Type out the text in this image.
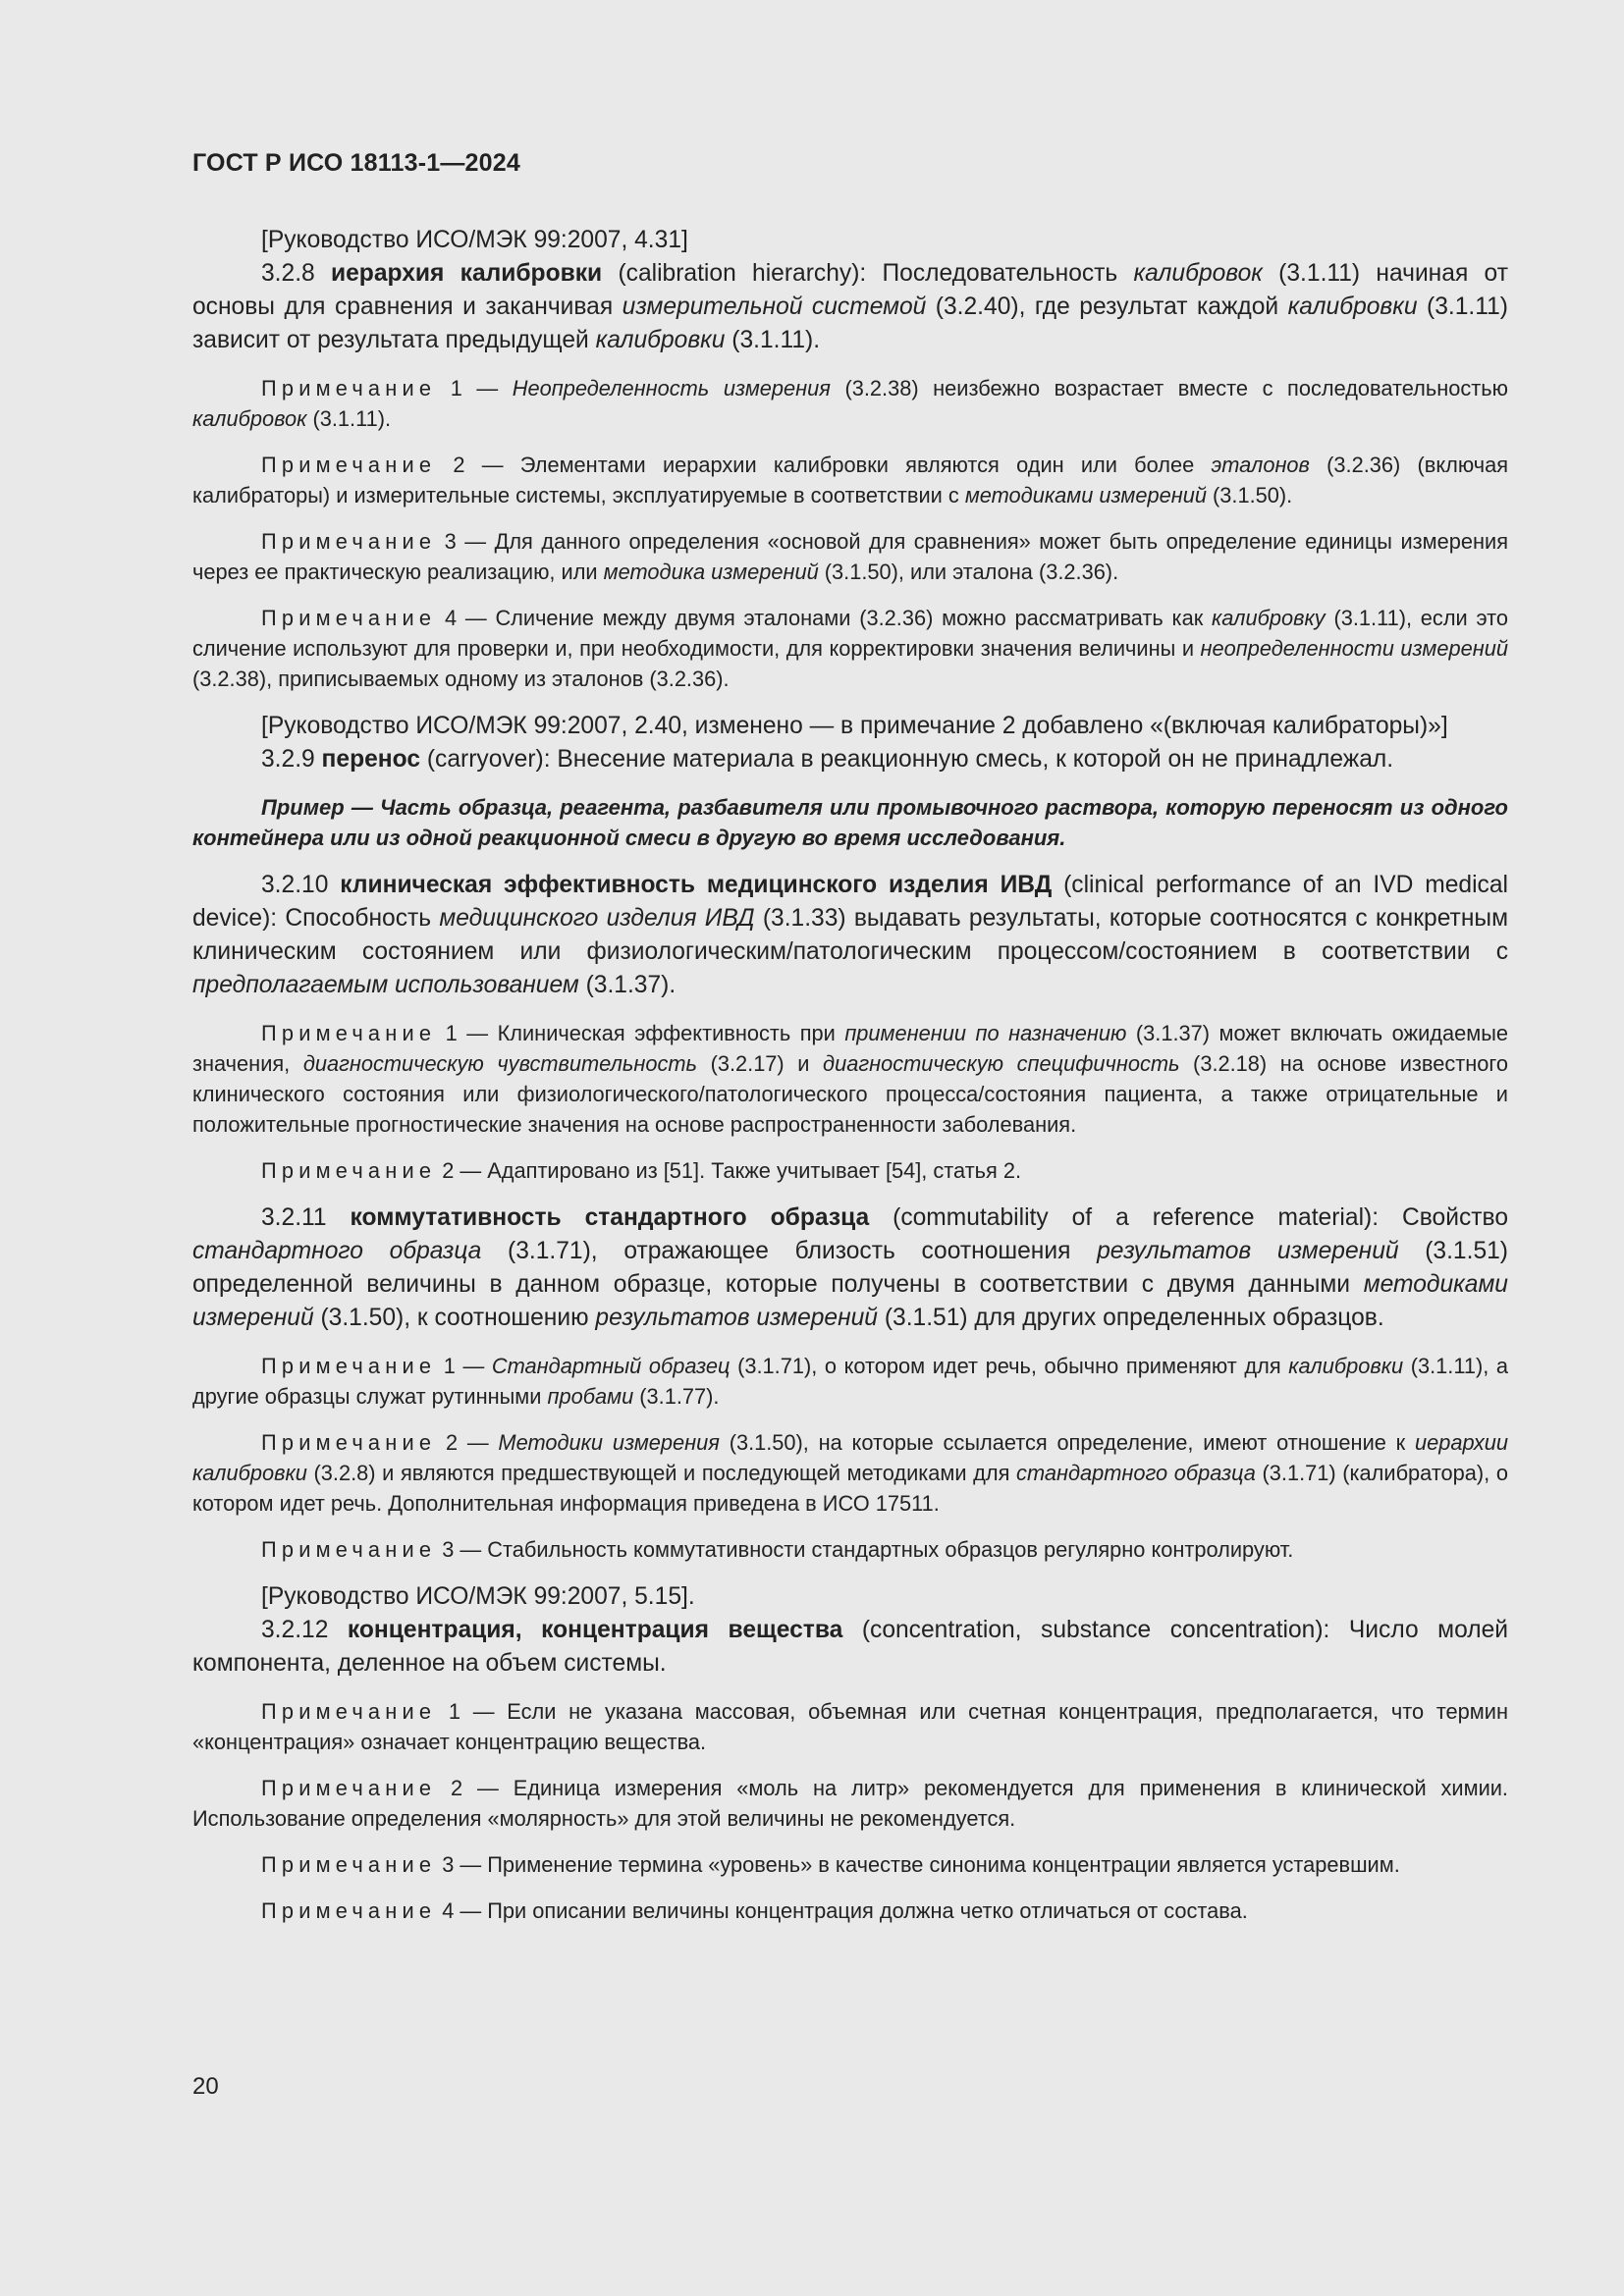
ГОСТ Р ИСО 18113-1—2024

[Руководство ИСО/МЭК 99:2007, 4.31]

3.2.8 иерархия калибровки (calibration hierarchy): Последовательность калибровок (3.1.11) начиная от основы для сравнения и заканчивая измерительной системой (3.2.40), где результат каждой калибровки (3.1.11) зависит от результата предыдущей калибровки (3.1.11).

Примечание 1 — Неопределенность измерения (3.2.38) неизбежно возрастает вместе с последовательностью калибровок (3.1.11).

Примечание 2 — Элементами иерархии калибровки являются один или более эталонов (3.2.36) (включая калибраторы) и измерительные системы, эксплуатируемые в соответствии с методиками измерений (3.1.50).

Примечание 3 — Для данного определения «основой для сравнения» может быть определение единицы измерения через ее практическую реализацию, или методика измерений (3.1.50), или эталона (3.2.36).

Примечание 4 — Сличение между двумя эталонами (3.2.36) можно рассматривать как калибровку (3.1.11), если это сличение используют для проверки и, при необходимости, для корректировки значения величины и неопределенности измерений (3.2.38), приписываемых одному из эталонов (3.2.36).

[Руководство ИСО/МЭК 99:2007, 2.40, изменено — в примечание 2 добавлено «(включая калибраторы)»]

3.2.9 перенос (carryover): Внесение материала в реакционную смесь, к которой он не принадлежал.

Пример — Часть образца, реагента, разбавителя или промывочного раствора, которую переносят из одного контейнера или из одной реакционной смеси в другую во время исследования.

3.2.10 клиническая эффективность медицинского изделия ИВД (clinical performance of an IVD medical device): Способность медицинского изделия ИВД (3.1.33) выдавать результаты, которые соотносятся с конкретным клиническим состоянием или физиологическим/патологическим процессом/состоянием в соответствии с предполагаемым использованием (3.1.37).

Примечание 1 — Клиническая эффективность при применении по назначению (3.1.37) может включать ожидаемые значения, диагностическую чувствительность (3.2.17) и диагностическую специфичность (3.2.18) на основе известного клинического состояния или физиологического/патологического процесса/состояния пациента, а также отрицательные и положительные прогностические значения на основе распространенности заболевания.

Примечание 2 — Адаптировано из [51]. Также учитывает [54], статья 2.

3.2.11 коммутативность стандартного образца (commutability of a reference material): Свойство стандартного образца (3.1.71), отражающее близость соотношения результатов измерений (3.1.51) определенной величины в данном образце, которые получены в соответствии с двумя данными методиками измерений (3.1.50), к соотношению результатов измерений (3.1.51) для других определенных образцов.

Примечание 1 — Стандартный образец (3.1.71), о котором идет речь, обычно применяют для калибровки (3.1.11), а другие образцы служат рутинными пробами (3.1.77).

Примечание 2 — Методики измерения (3.1.50), на которые ссылается определение, имеют отношение к иерархии калибровки (3.2.8) и являются предшествующей и последующей методиками для стандартного образца (3.1.71) (калибратора), о котором идет речь. Дополнительная информация приведена в ИСО 17511.

Примечание 3 — Стабильность коммутативности стандартных образцов регулярно контролируют.

[Руководство ИСО/МЭК 99:2007, 5.15].

3.2.12 концентрация, концентрация вещества (concentration, substance concentration): Число молей компонента, деленное на объем системы.

Примечание 1 — Если не указана массовая, объемная или счетная концентрация, предполагается, что термин «концентрация» означает концентрацию вещества.

Примечание 2 — Единица измерения «моль на литр» рекомендуется для применения в клинической химии. Использование определения «молярность» для этой величины не рекомендуется.

Примечание 3 — Применение термина «уровень» в качестве синонима концентрации является устаревшим.

Примечание 4 — При описании величины концентрация должна четко отличаться от состава.

20
